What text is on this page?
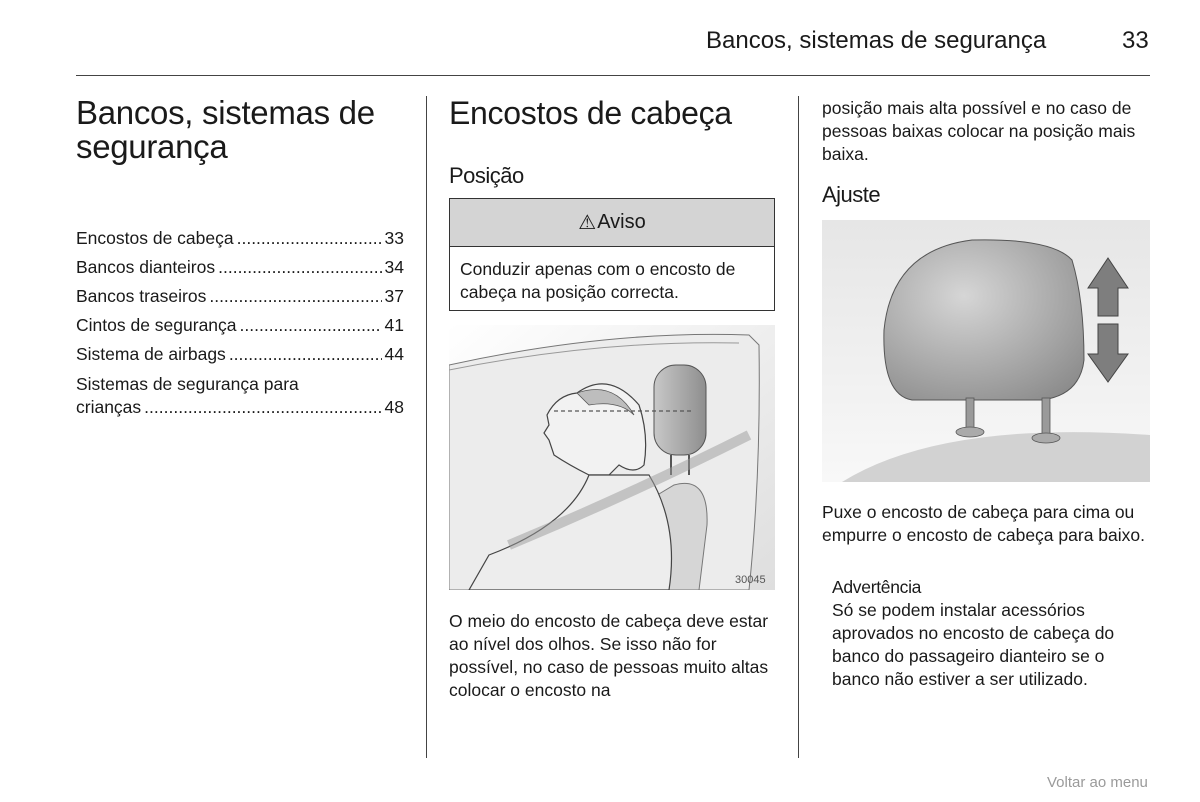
Bancos, sistemas de segurança	33
Bancos, sistemas de segurança
Encostos de cabeça .....	33
Bancos dianteiros .....	34
Bancos traseiros .....	37
Cintos de segurança .....	41
Sistema de airbags .....	44
Sistemas de segurança para
crianças .....	48
Encostos de cabeça
Posição
⚠ Aviso
Conduzir apenas com o encosto de cabeça na posição correcta.
30045
O meio do encosto de cabeça deve estar ao nível dos olhos. Se isso não for possível, no caso de pessoas muito altas colocar o encosto na
posição mais alta possível e no caso de pessoas baixas colocar na posição mais baixa.
Ajuste
Puxe o encosto de cabeça para cima ou empurre o encosto de cabeça para baixo.
Advertência
Só se podem instalar acessórios aprovados no encosto de cabeça do banco do passageiro dianteiro se o banco não estiver a ser utilizado.
Voltar ao menu
